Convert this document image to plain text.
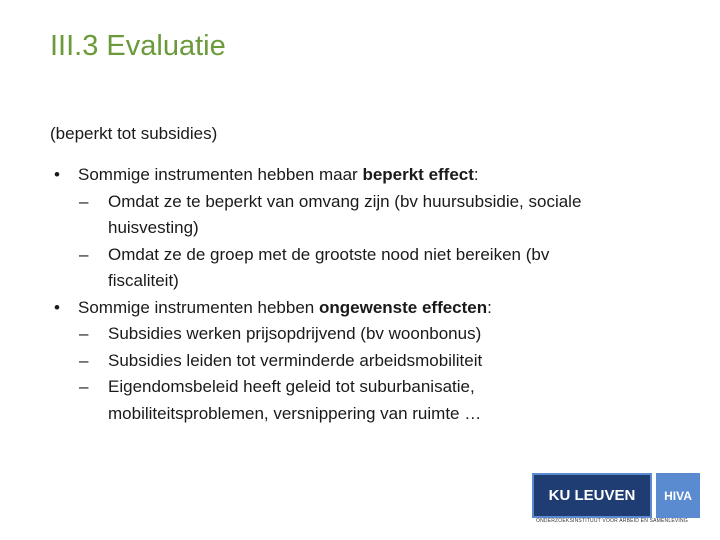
III.3 Evaluatie
(beperkt tot subsidies)
• Sommige instrumenten hebben maar beperkt effect:
– Omdat ze te beperkt van omvang zijn (bv huursubsidie, sociale
huisvesting)
– Omdat ze de groep met de grootste nood niet bereiken (bv
fiscaliteit)
• Sommige instrumenten hebben ongewenste effecten:
– Subsidies werken prijsopdrijvend (bv woonbonus)
– Subsidies leiden tot verminderde arbeidsmobiliteit
– Eigendomsbeleid heeft geleid tot suburbanisatie,
mobiliteitsproblemen, versnippering van ruimte …
KU LEUVEN	HIVA
ONDERZOEKSINSTITUUT VOOR ARBEID EN SAMENLEVING
